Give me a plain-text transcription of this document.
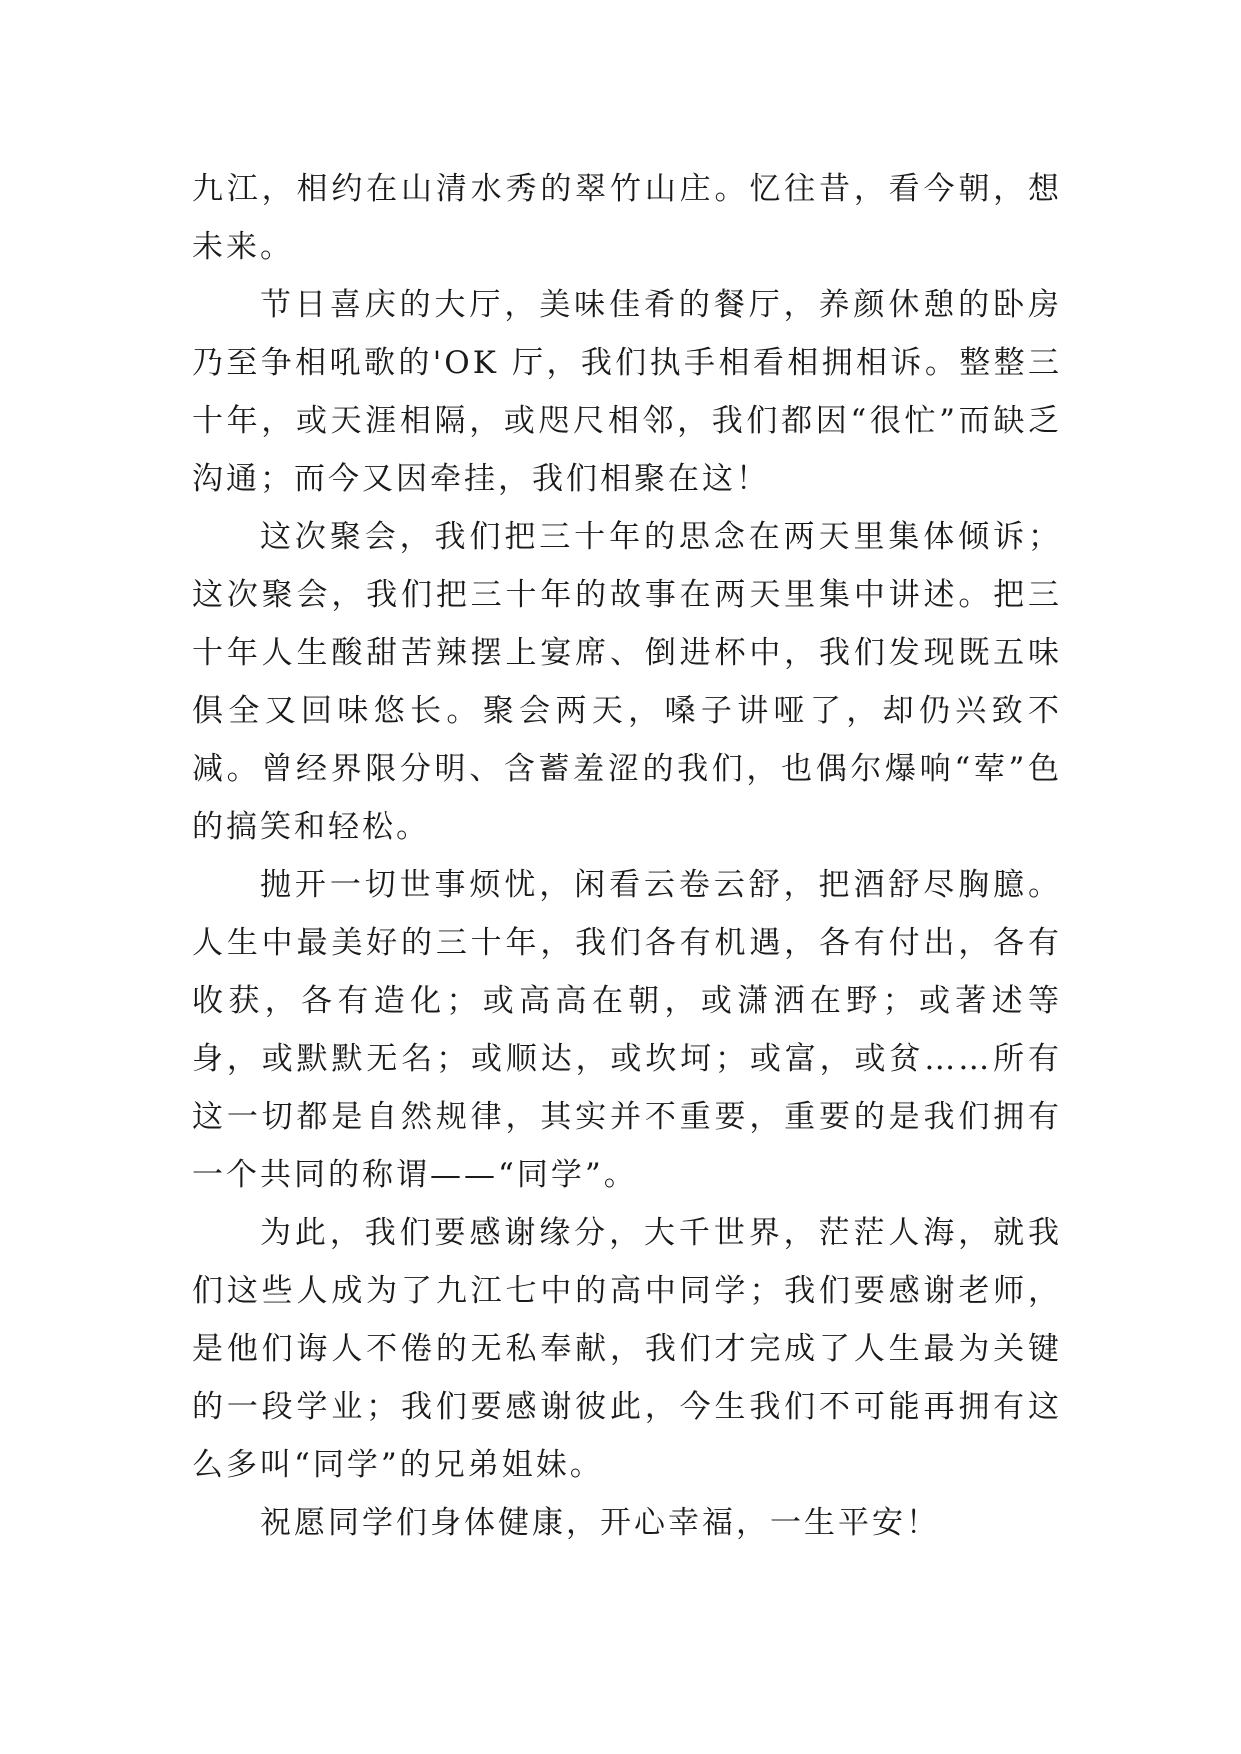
九江，相约在山清水秀的翠竹山庄。忆往昔，看今朝，想未来。

节日喜庆的大厅，美味佳肴的餐厅，养颜休憩的卧房乃至争相吼歌的'OK 厅，我们执手相看相拥相诉。整整三十年，或天涯相隔，或咫尺相邻，我们都因“很忙”而缺乏沟通；而今又因牵挂，我们相聚在这！

这次聚会，我们把三十年的思念在两天里集体倾诉；这次聚会，我们把三十年的故事在两天里集中讲述。把三十年人生酸甜苦辣摆上宴席、倒进杯中，我们发现既五味俱全又回味悠长。聚会两天，嗓子讲哑了，却仍兴致不减。曾经界限分明、含蓄羞涩的我们，也偶尔爆响“荤”色的搞笑和轻松。

抛开一切世事烦忧，闲看云卷云舒，把酒舒尽胸臆。人生中最美好的三十年，我们各有机遇，各有付出，各有收获，各有造化；或高高在朝，或潇洒在野；或著述等身，或默默无名；或顺达，或坎坷；或富，或贫……所有这一切都是自然规律，其实并不重要，重要的是我们拥有一个共同的称谓——“同学”。

为此，我们要感谢缘分，大千世界，茫茫人海，就我们这些人成为了九江七中的高中同学；我们要感谢老师，是他们诲人不倦的无私奉献，我们才完成了人生最为关键的一段学业；我们要感谢彼此，今生我们不可能再拥有这么多叫“同学”的兄弟姐妹。

祝愿同学们身体健康，开心幸福，一生平安！
